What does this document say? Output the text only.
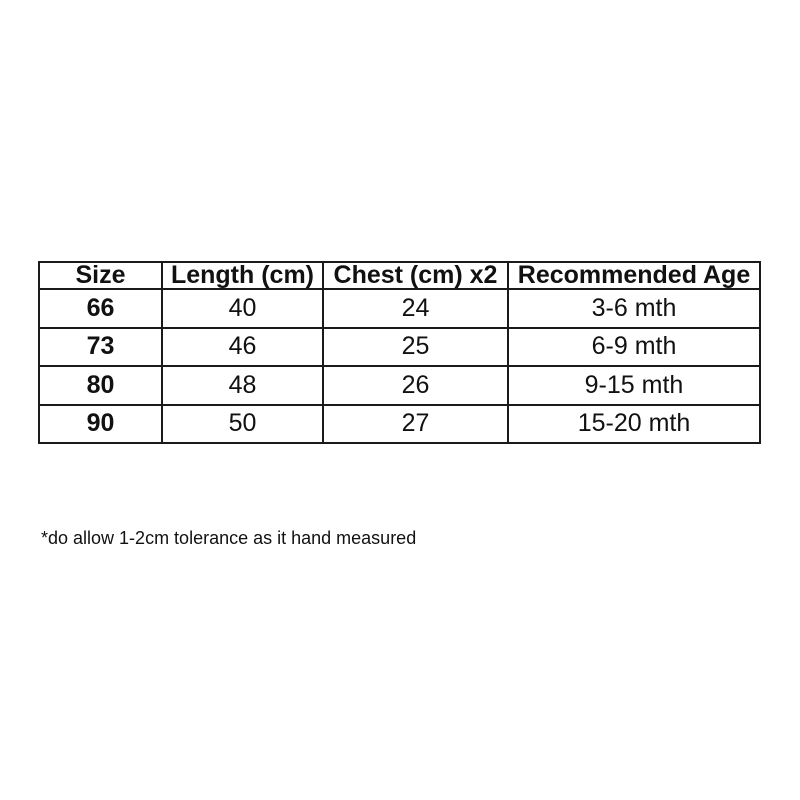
Size	Length (cm)	Chest (cm) x2	Recommended Age
66	40	24	3-6 mth
73	46	25	6-9 mth
80	48	26	9-15 mth
90	50	27	15-20 mth
*do allow 1-2cm tolerance as it hand measured
